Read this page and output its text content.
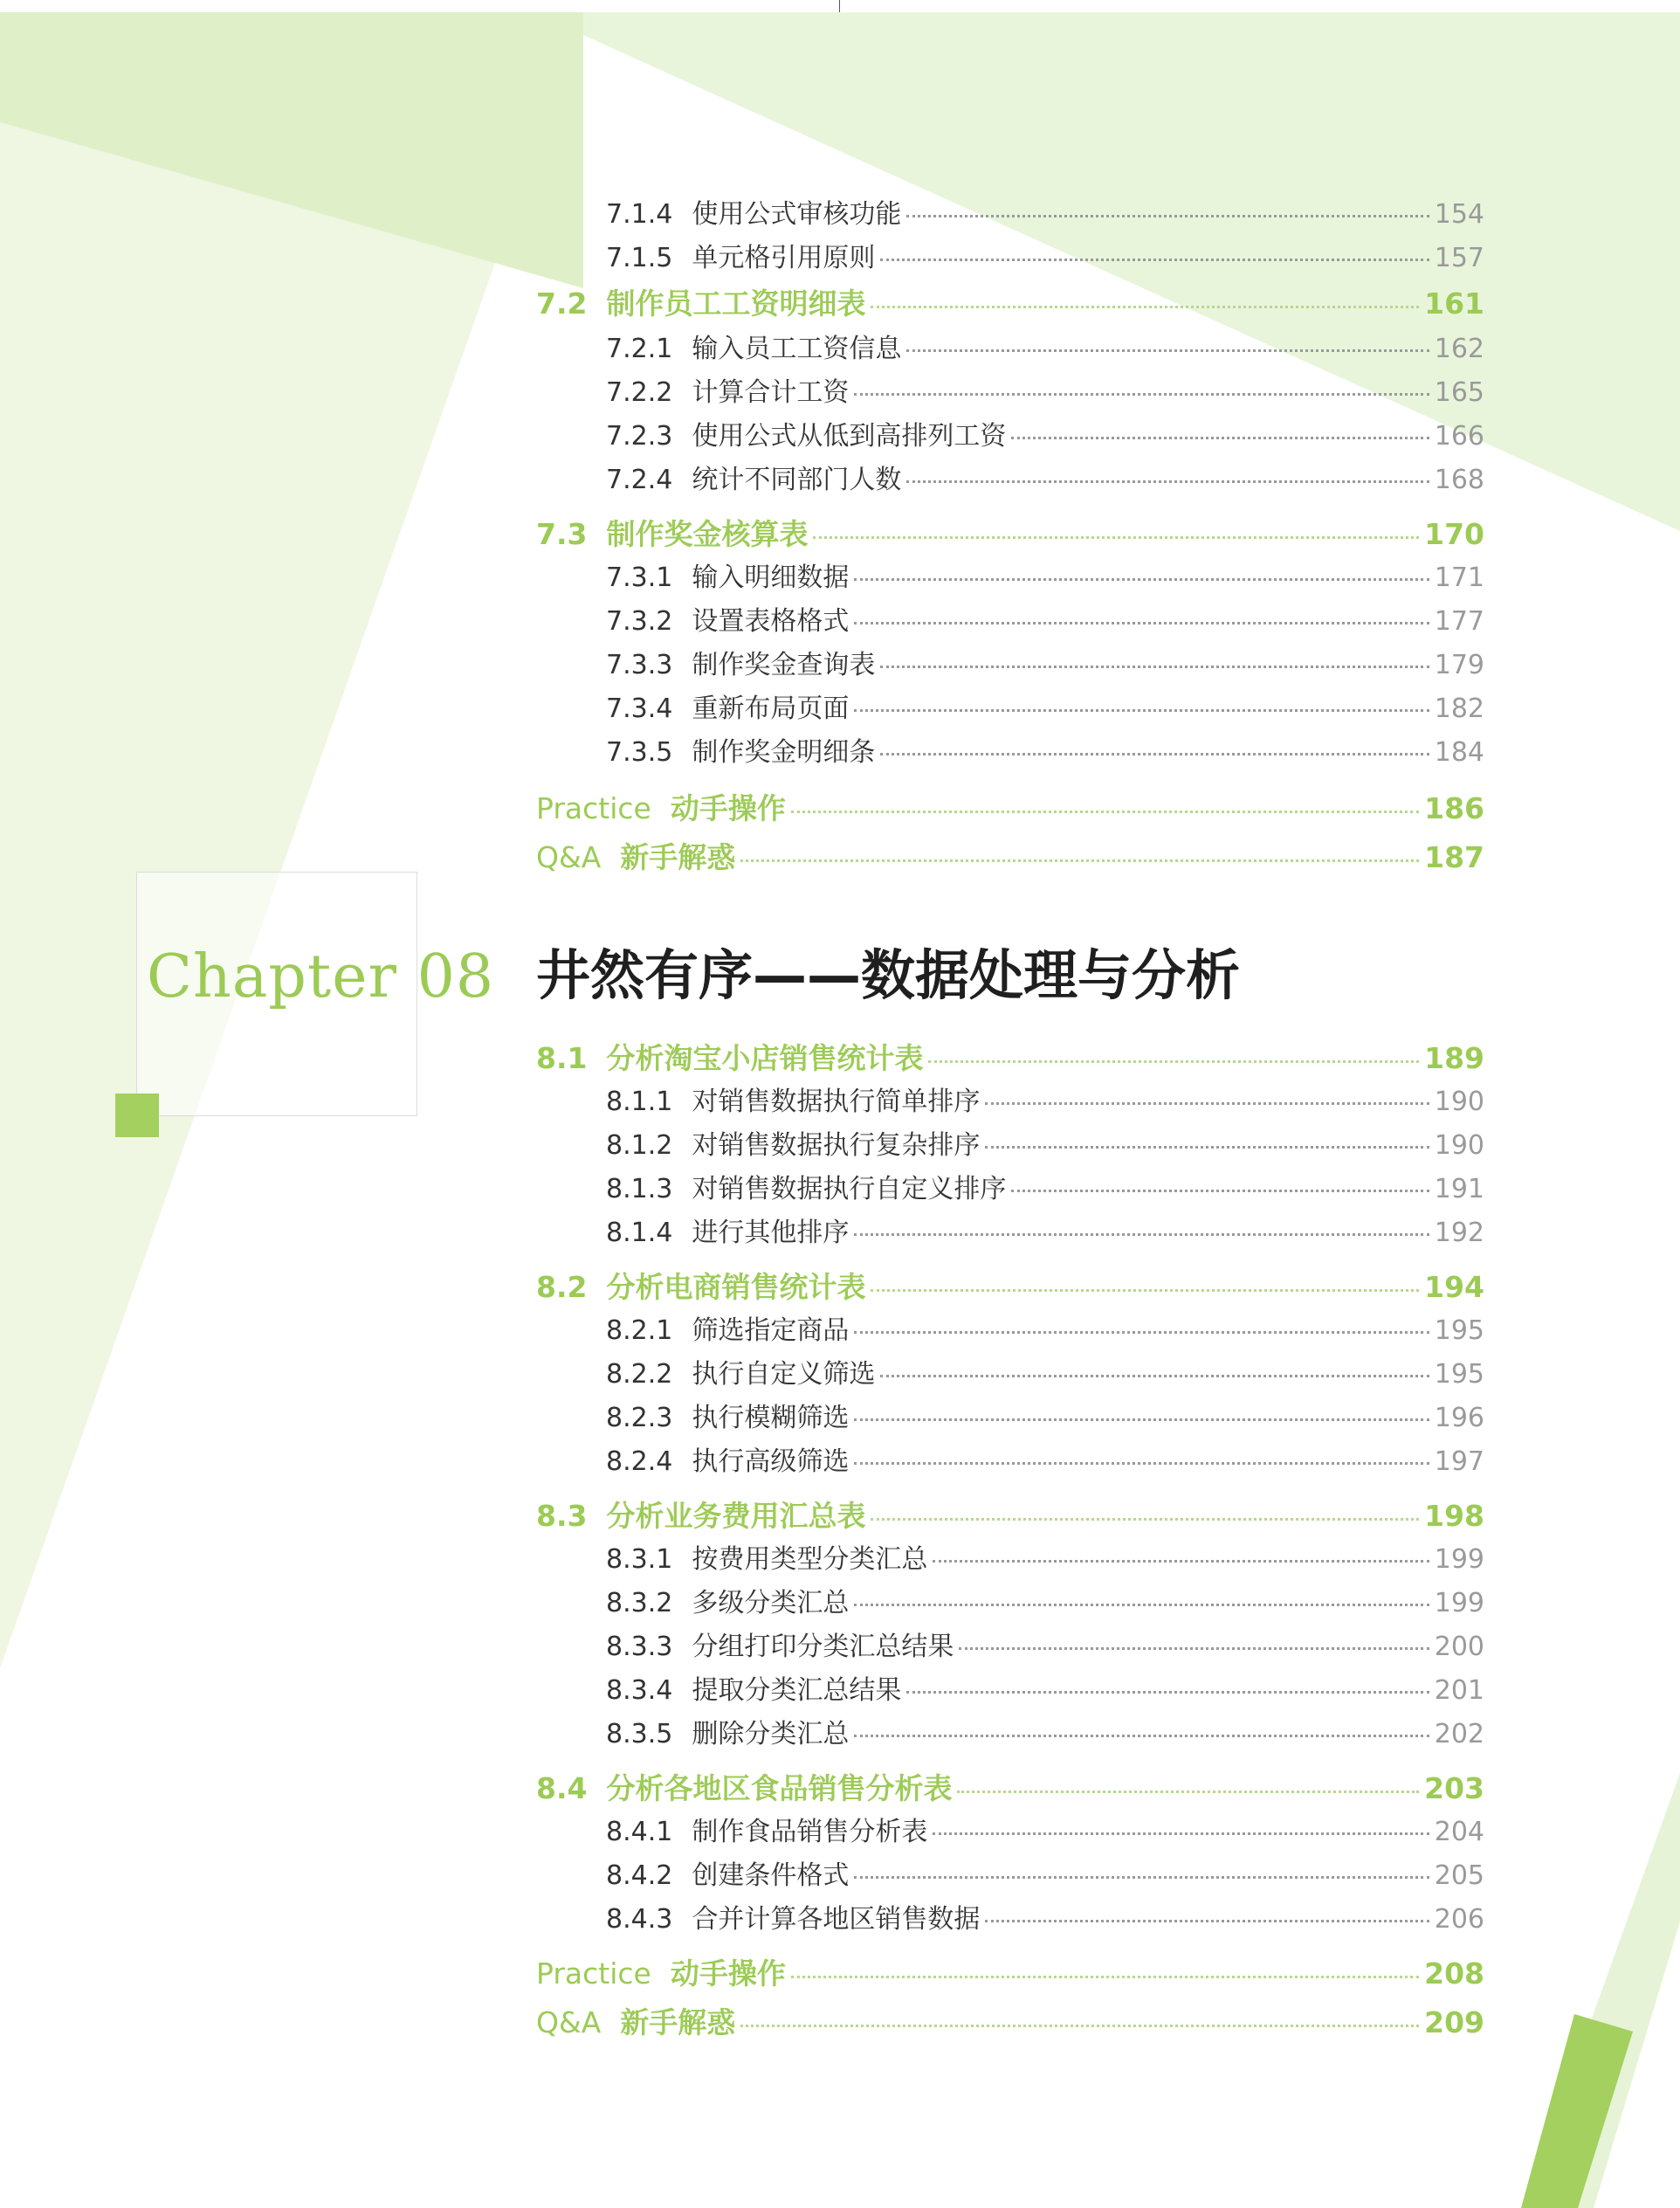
Chapter 08 井然有序——数据处理与分析
7.1.4 使用公式审核功能	154
7.1.5 单元格引用原则	157
7.2 制作员工工资明细表	161
7.2.1 输入员工工资信息	162
7.2.2 计算合计工资	165
7.2.3 使用公式从低到高排列工资	166
7.2.4 统计不同部门人数	168
7.3 制作奖金核算表	170
7.3.1 输入明细数据	171
7.3.2 设置表格格式	177
7.3.3 制作奖金查询表	179
7.3.4 重新布局页面	182
7.3.5 制作奖金明细条	184
Practice 动手操作	186
Q&A 新手解惑	187
8.1 分析淘宝小店销售统计表	189
8.1.1 对销售数据执行简单排序	190
8.1.2 对销售数据执行复杂排序	190
8.1.3 对销售数据执行自定义排序	191
8.1.4 进行其他排序	192
8.2 分析电商销售统计表	194
8.2.1 筛选指定商品	195
8.2.2 执行自定义筛选	195
8.2.3 执行模糊筛选	196
8.2.4 执行高级筛选	197
8.3 分析业务费用汇总表	198
8.3.1 按费用类型分类汇总	199
8.3.2 多级分类汇总	199
8.3.3 分组打印分类汇总结果	200
8.3.4 提取分类汇总结果	201
8.3.5 删除分类汇总	202
8.4 分析各地区食品销售分析表	203
8.4.1 制作食品销售分析表	204
8.4.2 创建条件格式	205
8.4.3 合并计算各地区销售数据	206
Practice 动手操作	208
Q&A 新手解惑	209
